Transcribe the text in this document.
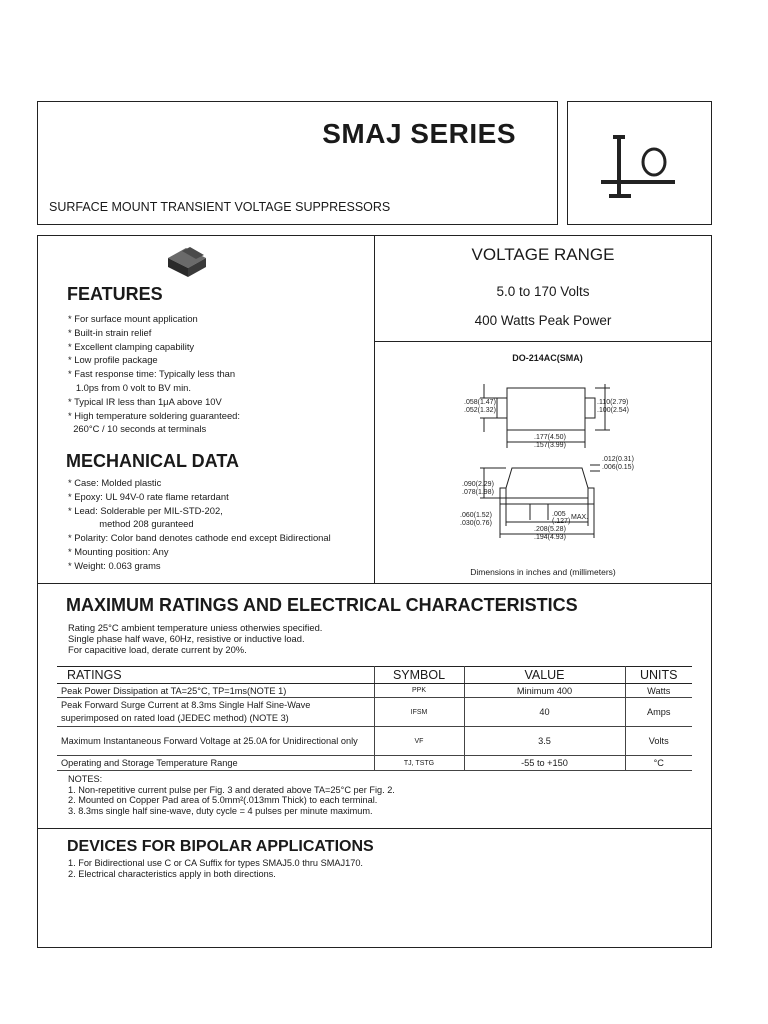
SMAJ SERIES
SURFACE MOUNT TRANSIENT VOLTAGE SUPPRESSORS
FEATURES
* For surface mount application
* Built-in strain relief
* Excellent clamping capability
* Low profile package
* Fast response time: Typically less than
1.0ps from 0 volt to BV min.
* Typical IR less than 1μA above 10V
* High temperature soldering guaranteed:
260°C / 10 seconds at terminals
MECHANICAL DATA
* Case: Molded plastic
* Epoxy: UL 94V-0 rate flame retardant
* Lead: Solderable per MIL-STD-202,
method 208 guranteed
* Polarity: Color band denotes cathode end except Bidirectional
* Mounting position: Any
* Weight: 0.063 grams
VOLTAGE RANGE
5.0 to 170 Volts
400 Watts Peak Power
DO-214AC(SMA)
.058(1.47)
.052(1.32)
.110(2.79)
.100(2.54)
.177(4.50)
.157(3.99)
.012(0.31)
.006(0.15)
.090(2.29)
.078(1.98)
.060(1.52)
.030(0.76)
.005
(.127)
MAX.
.208(5.28)
.194(4.93)
Dimensions in inches and (millimeters)
MAXIMUM RATINGS AND ELECTRICAL CHARACTERISTICS
Rating 25°C ambient temperature uniess otherwies specified.
Single phase half wave, 60Hz, resistive or inductive load.
For capacitive load, derate current by 20%.
RATINGS	SYMBOL	VALUE	UNITS
Peak Power Dissipation at TA=25°C, TP=1ms(NOTE 1)	PPK	Minimum 400	Watts
Peak Forward Surge Current at 8.3ms Single Half Sine-Wave superimposed on rated load (JEDEC method) (NOTE 3)	IFSM	40	Amps
Maximum Instantaneous Forward Voltage at 25.0A for Unidirectional only	VF	3.5	Volts
Operating and Storage Temperature Range	TJ, TSTG	-55 to +150	°C
NOTES:
1. Non-repetitive current pulse per Fig. 3 and derated above TA=25°C per Fig. 2.
2. Mounted on Copper Pad area of 5.0mm²(.013mm Thick) to each terminal.
3. 8.3ms single half sine-wave, duty cycle = 4 pulses per minute maximum.
DEVICES FOR BIPOLAR APPLICATIONS
1. For Bidirectional use C or CA Suffix for types SMAJ5.0 thru SMAJ170.
2. Electrical characteristics apply in both directions.
